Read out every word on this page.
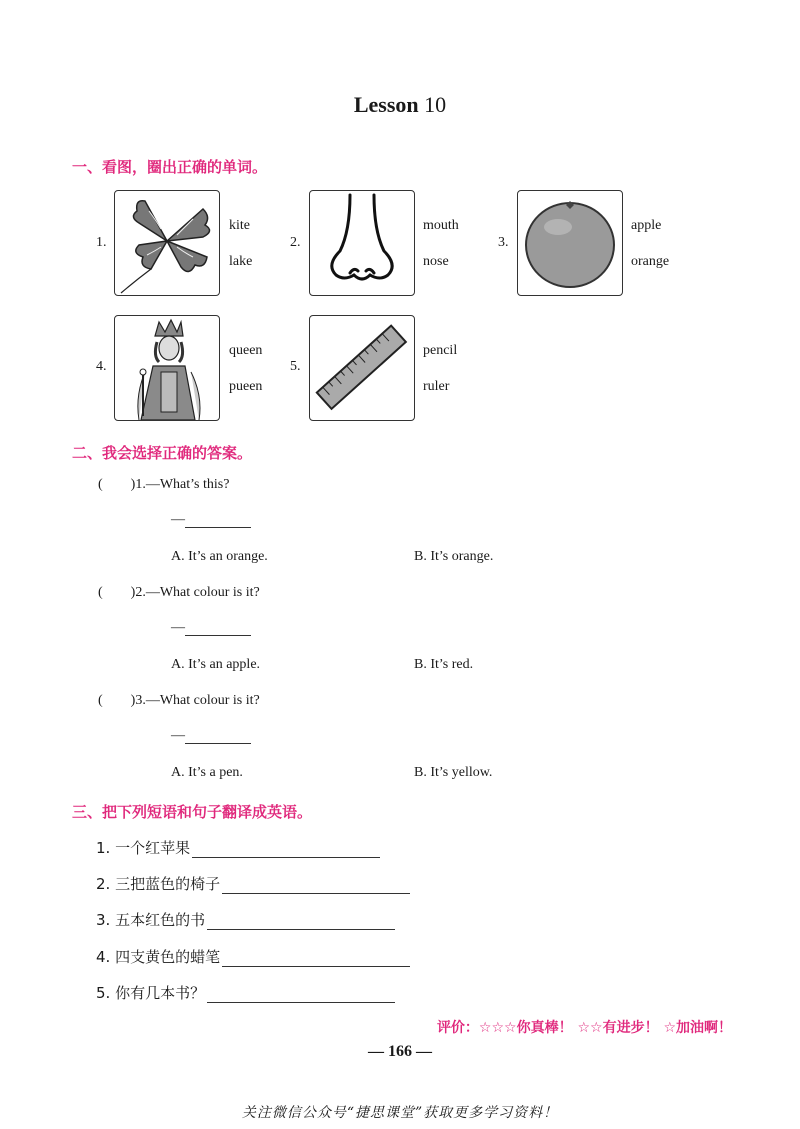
Lesson 10
一、看图，圈出正确的单词。
1.
kite
lake
2.
mouth
nose
3.
apple
orange
4.
queen
pueen
5.
pencil
ruler
二、我会选择正确的答案。
(        )1.—What’s this?
—
A. It’s an orange.	B. It’s orange.
(        )2.—What colour is it?
—
A. It’s an apple.	B. It’s red.
(        )3.—What colour is it?
—
A. It’s a pen.	B. It’s yellow.
三、把下列短语和句子翻译成英语。
1. 一个红苹果
2. 三把蓝色的椅子
3. 五本红色的书
4. 四支黄色的蜡笔
5. 你有几本书？
评价：☆☆☆你真棒！ ☆☆有进步！ ☆加油啊！
— 166 —
关注微信公众号“捷思课堂”获取更多学习资料！
